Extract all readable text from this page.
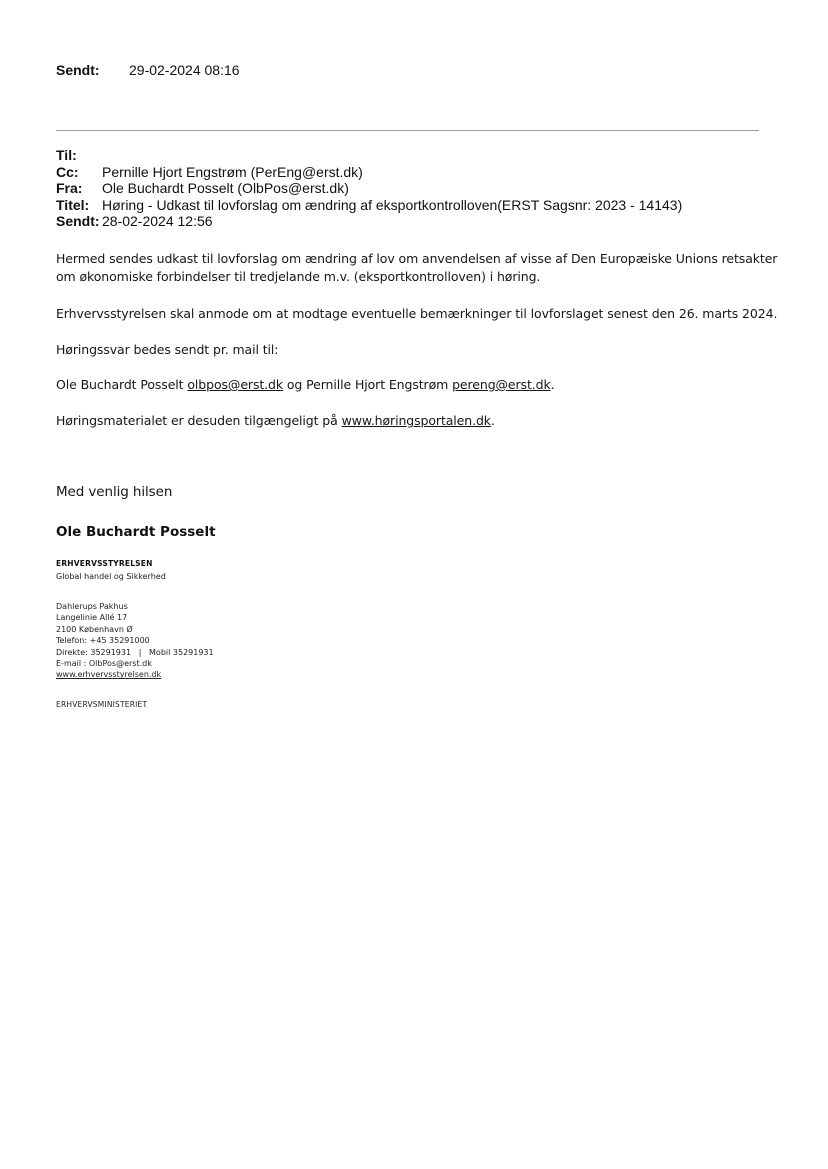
Sendt: 29-02-2024 08:16
Til:
Cc: Pernille Hjort Engstrøm (PerEng@erst.dk)
Fra: Ole Buchardt Posselt (OlbPos@erst.dk)
Titel: Høring - Udkast til lovforslag om ændring af eksportkontrolloven(ERST Sagsnr: 2023 - 14143)
Sendt: 28-02-2024 12:56
Hermed sendes udkast til lovforslag om ændring af lov om anvendelsen af visse af Den Europæiske Unions retsakter
om økonomiske forbindelser til tredjelande m.v. (eksportkontrolloven) i høring.
Erhvervsstyrelsen skal anmode om at modtage eventuelle bemærkninger til lovforslaget senest den 26. marts 2024.
Høringssvar bedes sendt pr. mail til:
Ole Buchardt Posselt olbpos@erst.dk og Pernille Hjort Engstrøm pereng@erst.dk.
Høringsmaterialet er desuden tilgængeligt på www.høringsportalen.dk.
Med venlig hilsen
Ole Buchardt Posselt
ERHVERVSSTYRELSEN
Global handel og Sikkerhed
Dahlerups Pakhus
Langelinie Allé 17
2100 København Ø
Telefon: +45 35291000
Direkte: 35291931   |   Mobil 35291931
E-mail : OlbPos@erst.dk
www.erhvervsstyrelsen.dk
ERHVERVSMINISTERIET
